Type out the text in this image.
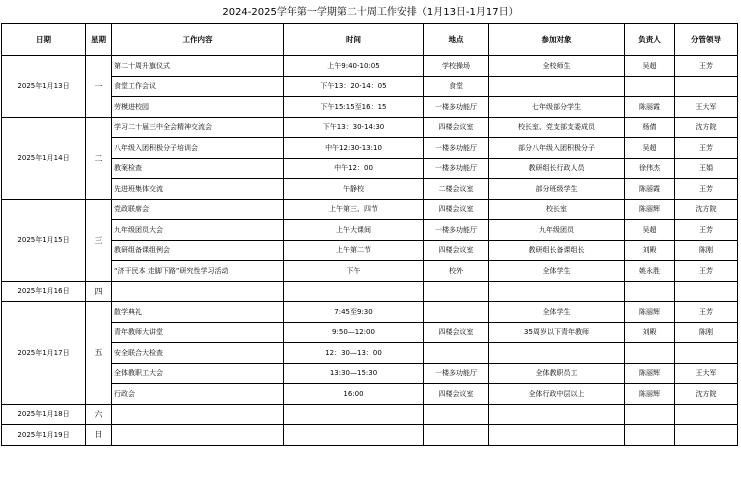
2024-2025学年第一学期第二十周工作安排（1月13日-1月17日）
日期	星期	工作内容	时间	地点	参加对象	负责人	分管领导
2025年1月13日	一	第二十周升旗仪式	上午9:40-10:05	学校操场	全校师生	吴超	王芳
		食堂工作会议	下午13：20-14：05	食堂			
		劳模进校园	下午15:15至16：15	一楼多功能厅	七年级部分学生	陈丽霞	王大军
2025年1月14日	二	学习二十届三中全会精神交流会	下午13：30-14:30	四楼会议室	校长室、党支部支委成员	杨倩	沈方院
		八年级入团积极分子培训会	中午12:30-13:10	一楼多功能厅	部分八年级入团积极分子	吴超	王芳
		教案检查	中午12：00	一楼多功能厅	教研组长行政人员	徐伟杰	王娟
		先进班集体交流	午静校	二楼会议室	部分班级学生	陈丽霞	王芳
2025年1月15日	三	党政联席会	上午第三、四节	四楼会议室	校长室	陈丽辉	沈方院
		九年级团员大会	上午大课间	一楼多功能厅	九年级团员	吴超	王芳
		教研组备课组例会	上午第二节	四楼会议室	教研组长备课组长	刘殿	陈刚
		“济干民本 走脚下路”研究性学习活动	下午	校外	全体学生	姚永胜	王芳
2025年1月16日	四						
2025年1月17日	五	散学典礼	7:45至9:30		全体学生	陈丽辉	王芳
		青年教师大讲堂	9:50—12:00	四楼会议室	35周岁以下青年教师	刘殿	陈刚
		安全联合大检查	12：30—13：00				
		全体教职工大会	13:30—15:30	一楼多功能厅	全体教职员工	陈丽辉	王大军
		行政会	16:00	四楼会议室	全体行政中层以上	陈丽辉	沈方院
2025年1月18日	六						
2025年1月19日	日						
